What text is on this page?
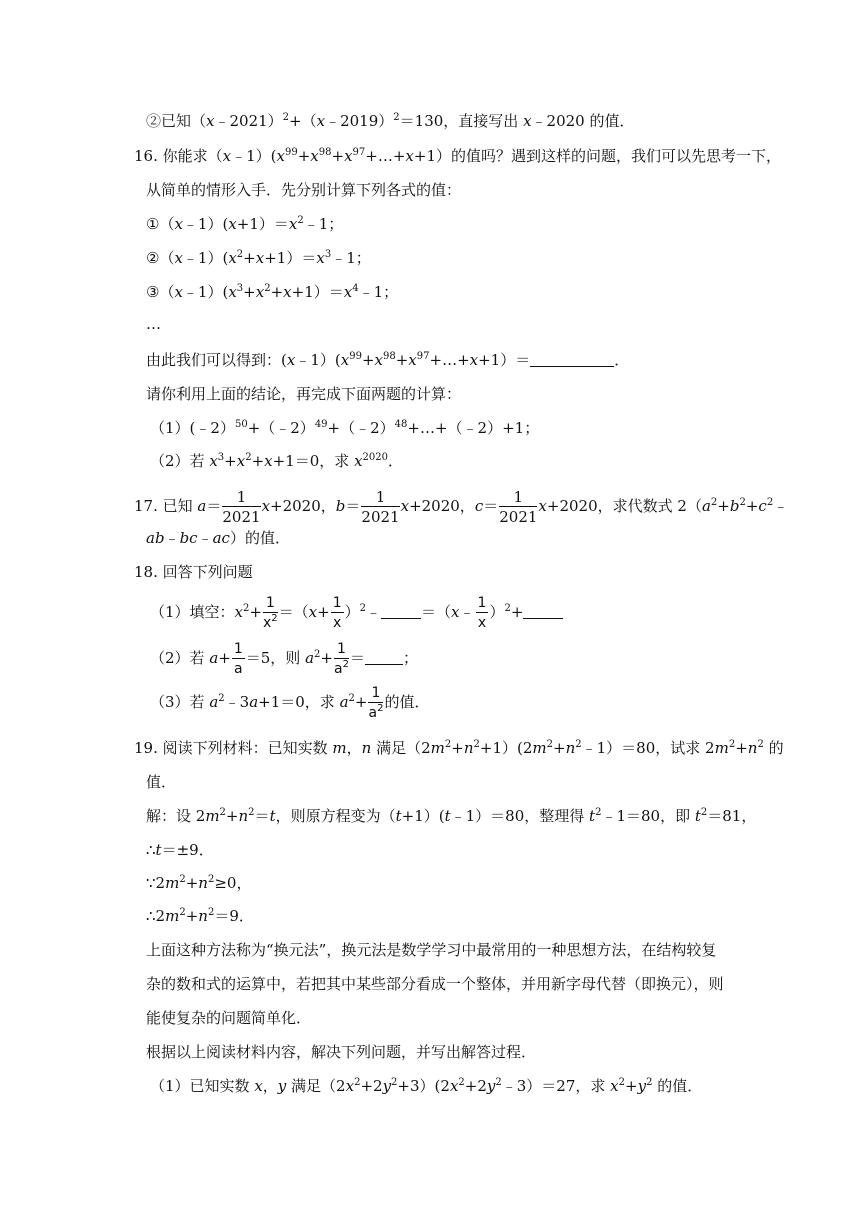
②已知（x﹣2021）$^2$+（x﹣2019）$^2$＝130，直接写出 x﹣2020 的值．
16. 你能求$(x﹣1)(x^{99}+x^{98}+x^{97}+\dots+x+1)$的值吗？遇到这样的问题，我们可以先思考一下，
从简单的情形入手．先分别计算下列各式的值：
$①(x﹣1)(x+1)=x^2﹣1$；
$②(x﹣1)(x^2+x+1)=x^3﹣1$；
$③(x﹣1)(x^3+x^2+x+1)=x^4﹣1$；
…
由此我们可以得到：$(x﹣1)(x^{99}+x^{98}+x^{97}+\dots+x+1)=$	．
请你利用上面的结论，再完成下面两题的计算：
（1）(﹣2）$^{50}$+（﹣2）$^{49}$+（﹣2）$^{48}$+…+（﹣2）+1；
（2）若 $x^3+x^2+x+1=0$，求 $x^{2020}$．
17. 已知 $a= \frac{1}{2021} x+2020$，$b= \frac{1}{2021} x+2020$，$c= \frac{1}{2021} x+2020$，求代数式 $2(a^2+b^2+c^2﹣$
ab﹣bc﹣ac）的值．
18. 回答下列问题
（1）填空：$x^2+ \frac{1}{x^2} =(x+ \frac{1}{x}$ ）$^2﹣$	＝（x﹣ $\frac{1}{x} )^2+$
（2）若 $a+ \frac{1}{a} =5$，则 $a^2+ \frac{1}{a^2}$ ＝	；
（3）若 $a^2﹣3a+1=0$，求 $a^2+ \frac{1}{a^2}$ 的值．
19. 阅读下列材料：已知实数 m，n 满足$(2m^2+n^2+1)(2m^2+n^2﹣1)=80$，试求 $2m^2+n^2$ 的
值．
解：设 $2m^2+n^2=t$，则原方程变为（t+1）(t﹣1）＝80，整理得 $t^2﹣1=80$，即 $t^2=81$，
∴t＝±9．
$\because 2m^2+n^2\ge 0$，
$\therefore 2m^2+n^2=9$．
上面这种方法称为“换元法”，换元法是数学学习中最常用的一种思想方法，在结构较复
杂的数和式的运算中，若把其中某些部分看成一个整体，并用新字母代替（即换元），则
能使复杂的问题简单化．
根据以上阅读材料内容，解决下列问题，并写出解答过程．
（1）已知实数 x，y 满足$(2x^2+2y^2+3)(2x^2+2y^2﹣3)=27$，求 $x^2+y^2$ 的值．
